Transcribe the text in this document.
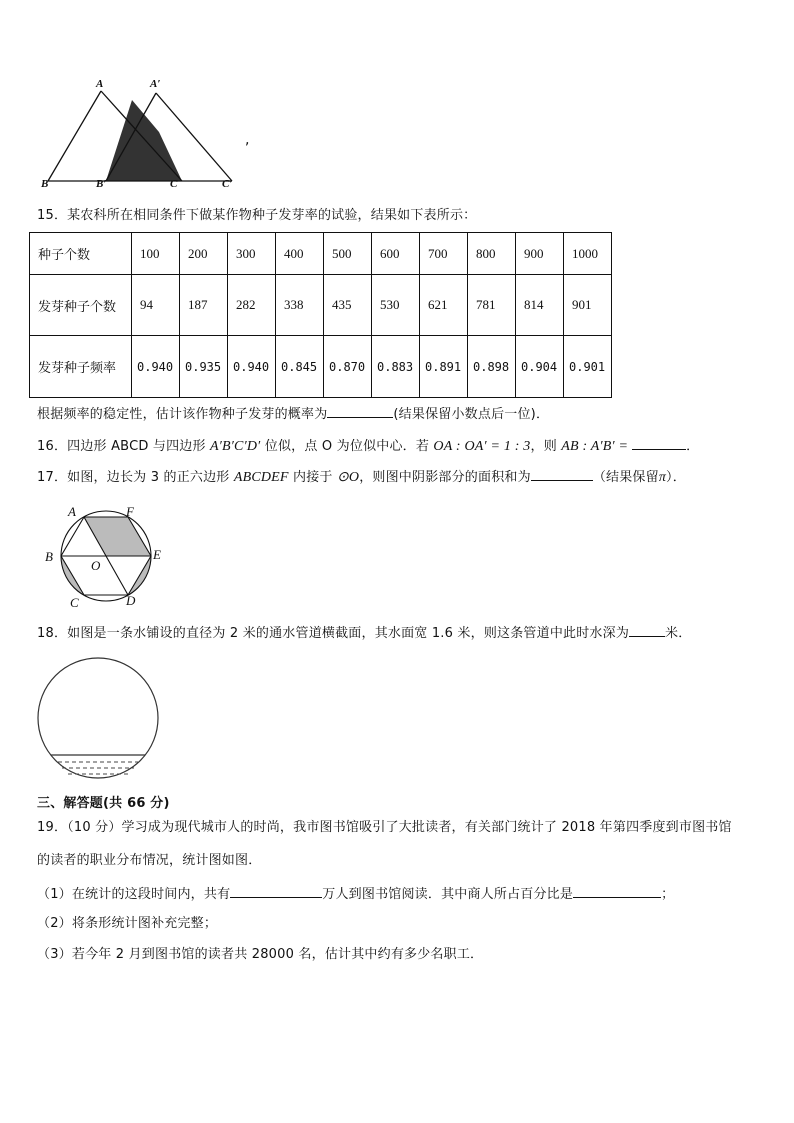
A	A′
B	B′	C	C′
,
15．某农科所在相同条件下做某作物种子发芽率的试验，结果如下表所示：
种子个数	100	200	300	400	500	600	700	800	900	1000
发芽种子个数	94	187	282	338	435	530	621	781	814	901
发芽种子频率	0.940	0.935	0.940	0.845	0.870	0.883	0.891	0.898	0.904	0.901
根据频率的稳定性，估计该作物种子发芽的概率为	(结果保留小数点后一位)．
16．四边形 ABCD 与四边形 A′B′C′D′ 位似，点 O 为位似中心．若 OA : OA′ = 1 : 3，则 AB : A′B′ =	．
17．如图，边长为 3 的正六边形 ABCDEF 内接于 ⊙O，则图中阴影部分的面积和为	（结果保留π）．
A	F
B	E
O
C	D
18．如图是一条水铺设的直径为 2 米的通水管道横截面，其水面宽 1.6 米，则这条管道中此时水深为	米．
三、解答题(共 66 分)
19．（10 分）学习成为现代城市人的时尚，我市图书馆吸引了大批读者，有关部门统计了 2018 年第四季度到市图书馆
的读者的职业分布情况，统计图如图．
（1）在统计的这段时间内，共有	万人到图书馆阅读．其中商人所占百分比是	；
（2）将条形统计图补充完整；
（3）若今年 2 月到图书馆的读者共 28000 名，估计其中约有多少名职工．
